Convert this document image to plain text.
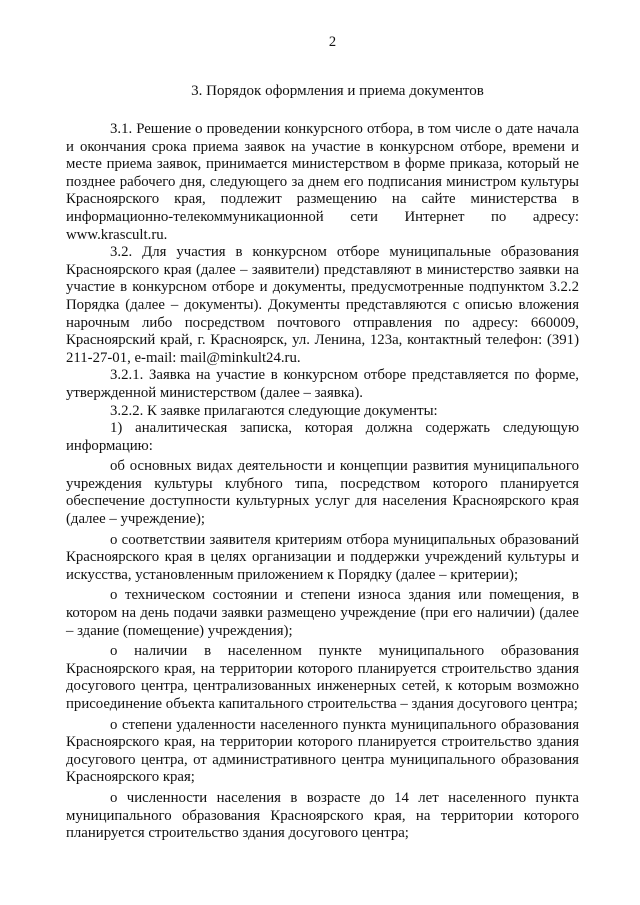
2
3. Порядок оформления и приема документов

3.1. Решение о проведении конкурсного отбора, в том числе о дате начала и окончания срока приема заявок на участие в конкурсном отборе, времени и месте приема заявок, принимается министерством в форме приказа, который не позднее рабочего дня, следующего за днем его подписания министром культуры Красноярского края, подлежит размещению на сайте министерства в информационно-телекоммуникационной сети Интернет по адресу: www.krascult.ru.

3.2. Для участия в конкурсном отборе муниципальные образования Красноярского края (далее – заявители) представляют в министерство заявки на участие в конкурсном отборе и документы, предусмотренные подпунктом 3.2.2 Порядка (далее – документы). Документы представляются с описью вложения нарочным либо посредством почтового отправления по адресу: 660009, Красноярский край, г. Красноярск, ул. Ленина, 123а, контактный телефон: (391) 211-27-01, e-mail: mail@minkult24.ru.

3.2.1. Заявка на участие в конкурсном отборе представляется по форме, утвержденной министерством (далее – заявка).

3.2.2. К заявке прилагаются следующие документы:

1) аналитическая записка, которая должна содержать следующую информацию:

об основных видах деятельности и концепции развития муниципального учреждения культуры клубного типа, посредством которого планируется обеспечение доступности культурных услуг для населения Красноярского края (далее – учреждение);

о соответствии заявителя критериям отбора муниципальных образований Красноярского края в целях организации и поддержки учреждений культуры и искусства, установленным приложением к Порядку (далее – критерии);

о техническом состоянии и степени износа здания или помещения, в котором на день подачи заявки размещено учреждение (при его наличии) (далее – здание (помещение) учреждения);

о наличии в населенном пункте муниципального образования Красноярского края, на территории которого планируется строительство здания досугового центра, централизованных инженерных сетей, к которым возможно присоединение объекта капитального строительства – здания досугового центра;

о степени удаленности населенного пункта муниципального образования Красноярского края, на территории которого планируется строительство здания досугового центра, от административного центра муниципального образования Красноярского края;

о численности населения в возрасте до 14 лет населенного пункта муниципального образования Красноярского края, на территории которого планируется строительство здания досугового центра;
